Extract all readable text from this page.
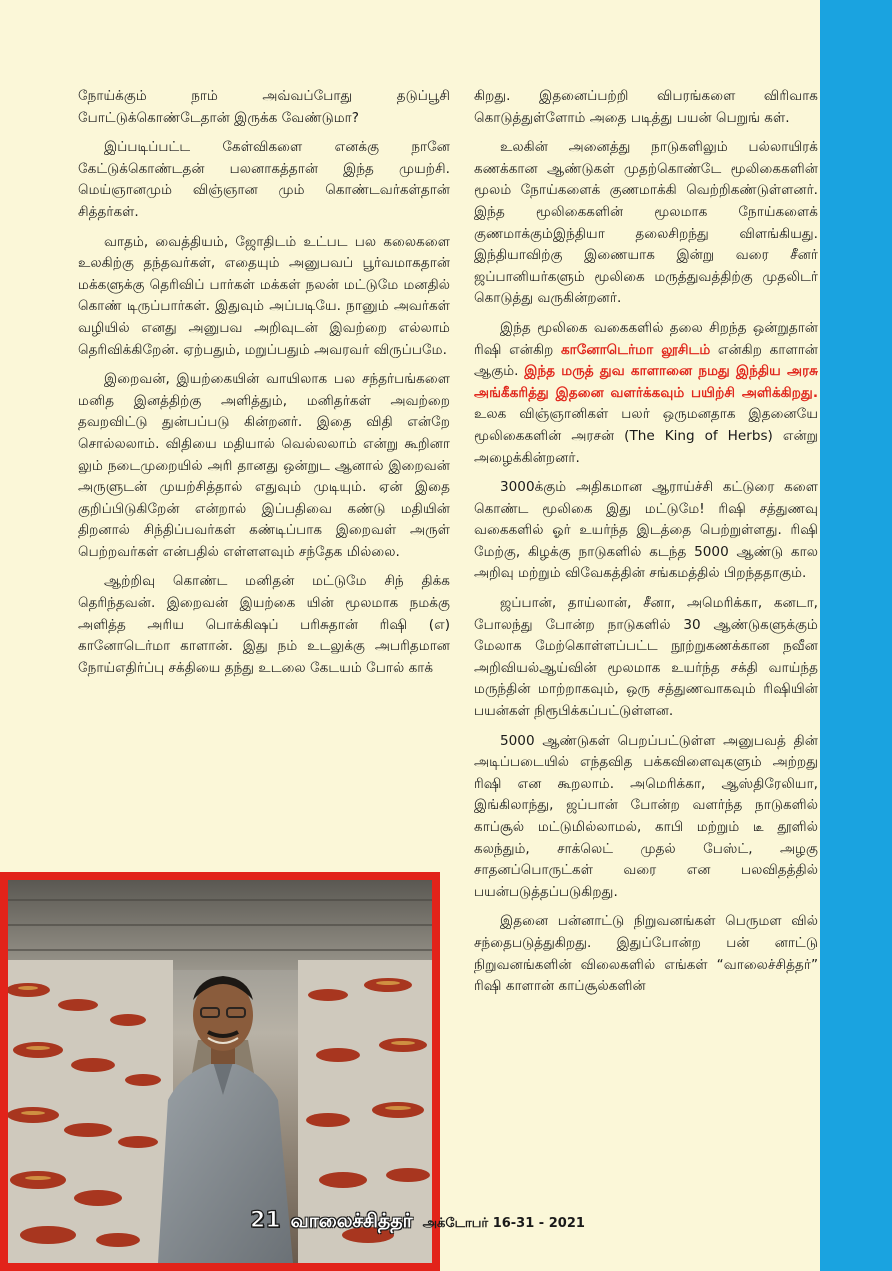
நோய்க்கும் நாம் அவ்வப்போது தடுப்பூசி போட்டுக்கொண்டேதான் இருக்க வேண்டுமா?

இப்படிப்பட்ட கேள்விகளை எனக்கு நானே கேட்டுக்கொண்டதன் பலனாகத்தான் இந்த முயற்சி. மெய்ஞானமும் விஞ்ஞான மும் கொண்டவர்கள்தான் சித்தர்கள்.

வாதம், வைத்தியம், ஜோதிடம் உட்பட பல கலைகளை உலகிற்கு தந்தவர்கள், எதையும் அனுபவப் பூர்வமாகதான் மக்களுக்கு தெரிவிப் பார்கள் மக்கள் நலன் மட்டுமே மனதில் கொண் டிருப்பார்கள். இதுவும் அப்படியே. நானும் அவர்கள் வழியில் எனது அனுபவ அறிவுடன் இவற்றை எல்லாம் தெரிவிக்கிறேன். ஏற்பதும், மறுப்பதும் அவரவர் விருப்பமே.

இறைவன், இயற்கையின் வாயிலாக பல சந்தர்பங்களை மனித இனத்திற்கு அளித்தும், மனிதர்கள் அவற்றை தவறவிட்டு துன்பப்படு கின்றனர். இதை விதி என்றே சொல்லலாம். விதியை மதியால் வெல்லலாம் என்று கூறினா லும் நடைமுறையில் அரி தானது ஒன்றுட ஆனால் இறைவன் அருளுடன் முயற்சித்தால் எதுவும் முடியும். ஏன் இதை குறிப்பிடுகிறேன் என்றால் இப்பதிவை கண்டு மதியின் திறனால் சிந்திப்பவர்கள் கண்டிப்பாக இறைவள் அருள் பெற்றவர்கள் என்பதில் எள்ளளவும் சந்தேக மில்லை.

ஆற்றிவு கொண்ட மனிதன் மட்டுமே சிந் திக்க தெரிந்தவன். இறைவன் இயற்கை யின் மூலமாக நமக்கு அளித்த அரிய பொக்கிஷப் பரிசுதான் ரிஷி (எ) கானோடெர்மா காளான். இது நம் உடலுக்கு அபரிதமான நோய்எதிர்ப்பு சக்தியை தந்து உடலை கேடயம் போல் காக்

கிறது. இதனைப்பற்றி விபரங்களை விரிவாக கொடுத்துள்ளோம் அதை படித்து பயன் பெறுங் கள்.

உலகின் அனைத்து நாடுகளிலும் பல்லாயிரக் கணக்கான ஆண்டுகள் முதற்கொண்டே மூலிகைகளின் மூலம் நோய்களைக் குணமாக்கி வெற்றிகண்டுள்ளனர். இந்த மூலிகைகளின் மூலமாக நோய்களைக் குணமாக்கும்இந்தியா தலைசிறந்து விளங்கியது. இந்தியாவிற்கு இணையாக இன்று வரை சீனர் ஜப்பானியர்களும் மூலிகை மருத்துவத்திற்கு முதலிடர் கொடுத்து வருகின்றனர்.

இந்த மூலிகை வகைகளில் தலை சிறந்த ஒன்றுதான் ரிஷி என்கிற கானோடெர்மா லூசிடம் என்கிற காளான் ஆகும். இந்த மருத் துவ காளானை நமது இந்திய அரசு அங்கீகரித்து இதனை வளர்க்கவும் பயிற்சி அளிக்கிறது. உலக விஞ்ஞானிகள் பலர் ஒருமனதாக இதனையே மூலிகைகளின் அரசன் (The King of Herbs) என்று அழைக்கின்றனர்.

3000க்கும் அதிகமான ஆராய்ச்சி கட்டுரை களை கொண்ட மூலிகை இது மட்டுமே! ரிஷி சத்துணவு வகைகளில் ஓர் உயர்ந்த இடத்தை பெற்றுள்ளது. ரிஷி மேற்கு, கிழக்கு நாடுகளில் கடந்த 5000 ஆண்டு கால அறிவு மற்றும் விவேகத்தின் சங்கமத்தில் பிறந்ததாகும்.

ஜப்பான், தாய்லான், சீனா, அமெரிக்கா, கனடா, போலந்து போன்ற நாடுகளில் 30 ஆண்டுகளுக்கும் மேலாக மேற்கொள்ளப்பட்ட நூற்றுகணக்கான நவீன அறிவியல்ஆய்வின் மூலமாக உயர்ந்த சக்தி வாய்ந்த மருந்தின் மாற்றாகவும், ஒரு சத்துணவாகவும் ரிஷியின் பயன்கள் நிரூபிக்கப்பட்டுள்ளன.

5000 ஆண்டுகள் பெறப்பட்டுள்ள அனுபவத் தின் அடிப்படையில் எந்தவித பக்கவிளைவுகளும் அற்றது ரிஷி என கூறலாம். அமெரிக்கா, ஆஸ்திரேலியா, இங்கிலாந்து, ஜப்பான் போன்ற வளர்ந்த நாடுகளில் காப்சூல் மட்டுமில்லாமல், காபி மற்றும் டீ தூளில் கலந்தும், சாக்லெட் முதல் பேஸ்ட், அழகு சாதனப்பொருட்கள் வரை என பலவிதத்தில் பயன்படுத்தப்படுகிறது.

இதனை பன்னாட்டு நிறுவனங்கள் பெருமள வில் சந்தைபடுத்துகிறது. இதுப்போன்ற பன் னாட்டு நிறுவனங்களின் விலைகளில் எங்கள் “வாலைச்சித்தர்” ரிஷி காளான் காப்சூல்களின்

21 வாலைச்சித்தர் அக்டோபர் 16-31 - 2021
